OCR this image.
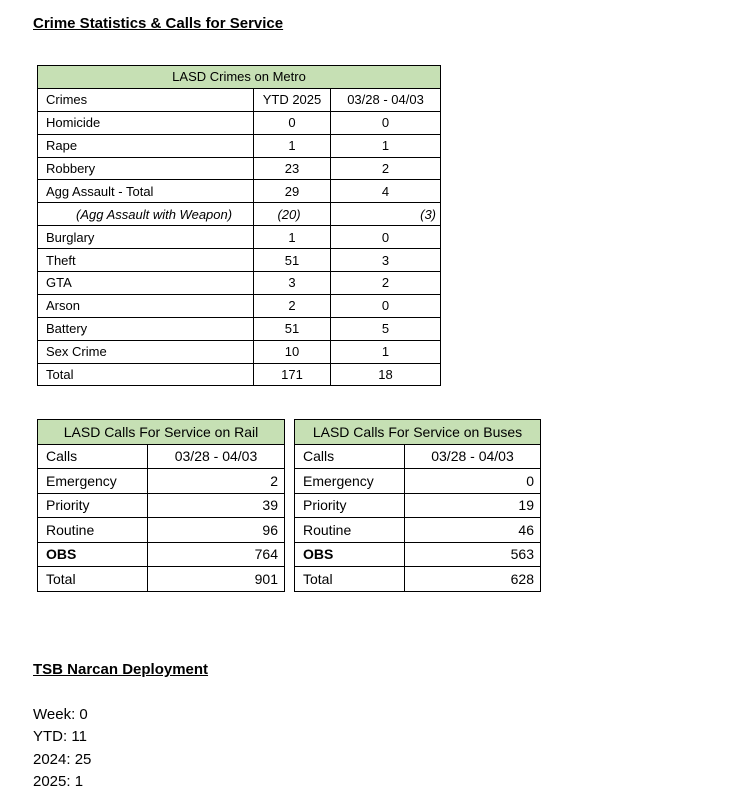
Crime Statistics & Calls for Service
LASD Crimes on Metro		
Crimes	YTD 2025	03/28 - 04/03
Homicide	0	0
Rape	1	1
Robbery	23	2
Agg Assault - Total	29	4
(Agg Assault with Weapon)	(20)	(3)
Burglary	1	0
Theft	51	3
GTA	3	2
Arson	2	0
Battery	51	5
Sex Crime	10	1
Total	171	18
LASD Calls For Service on Rail	
Calls	03/28 - 04/03
Emergency	2
Priority	39
Routine	96
OBS	764
Total	901
LASD Calls For Service on Buses	
Calls	03/28 - 04/03
Emergency	0
Priority	19
Routine	46
OBS	563
Total	628
TSB Narcan Deployment
Week: 0
YTD: 11
2024: 25
2025: 1
